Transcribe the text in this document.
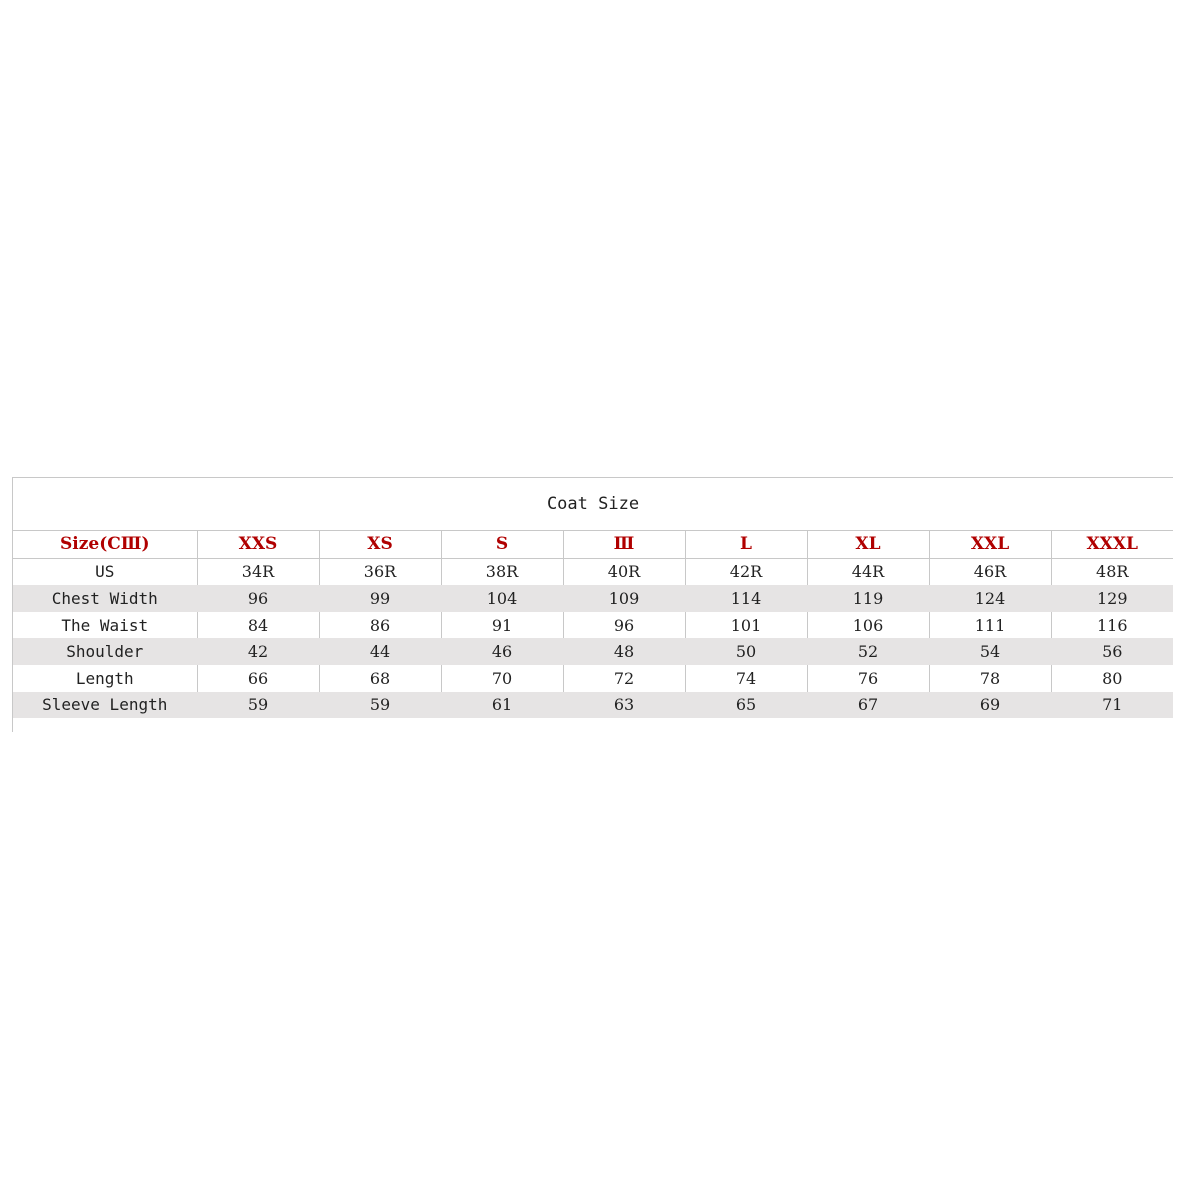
Coat Size
Size(CⅢ)	XXS	XS	S	Ⅲ	L	XL	XXL	XXXL
US	34R	36R	38R	40R	42R	44R	46R	48R
Chest Width	96	99	104	109	114	119	124	129
The Waist	84	86	91	96	101	106	111	116
Shoulder	42	44	46	48	50	52	54	56
Length	66	68	70	72	74	76	78	80
Sleeve Length	59	59	61	63	65	67	69	71
